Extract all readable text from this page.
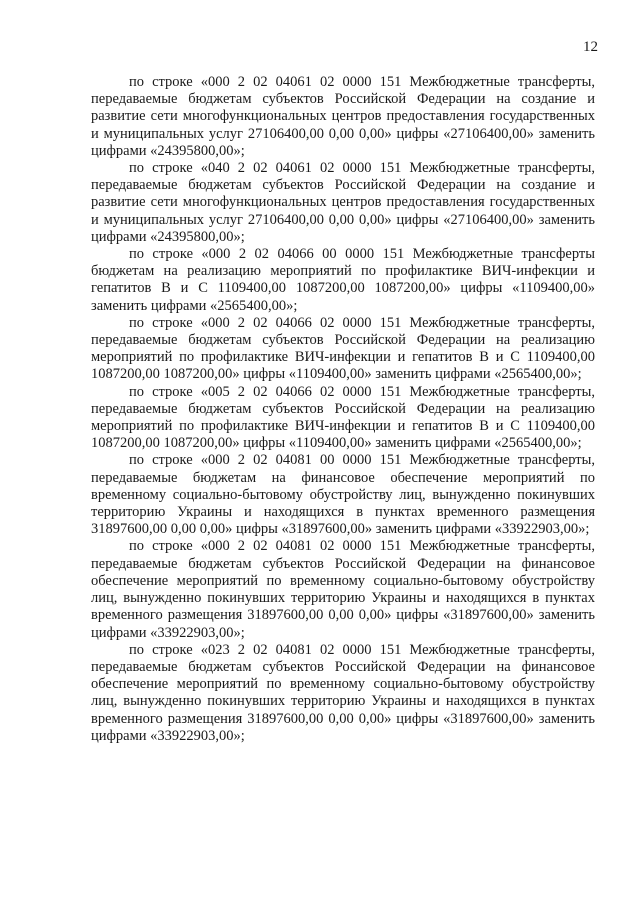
12

по строке «000 2 02 04061 02 0000 151 Межбюджетные трансферты, передаваемые бюджетам субъектов Российской Федерации на создание и развитие сети многофункциональных центров предоставления государственных и муниципальных услуг 27106400,00 0,00 0,00» цифры «27106400,00» заменить цифрами «24395800,00»;

по строке «040 2 02 04061 02 0000 151 Межбюджетные трансферты, передаваемые бюджетам субъектов Российской Федерации на создание и развитие сети многофункциональных центров предоставления государственных и муниципальных услуг 27106400,00 0,00 0,00» цифры «27106400,00» заменить цифрами «24395800,00»;

по строке «000 2 02 04066 00 0000 151 Межбюджетные трансферты бюджетам на реализацию мероприятий по профилактике ВИЧ-инфекции и гепатитов В и С 1109400,00 1087200,00 1087200,00» цифры «1109400,00» заменить цифрами «2565400,00»;

по строке «000 2 02 04066 02 0000 151 Межбюджетные трансферты, передаваемые бюджетам субъектов Российской Федерации на реализацию мероприятий по профилактике ВИЧ-инфекции и гепатитов В и С 1109400,00 1087200,00 1087200,00» цифры «1109400,00» заменить цифрами «2565400,00»;

по строке «005 2 02 04066 02 0000 151 Межбюджетные трансферты, передаваемые бюджетам субъектов Российской Федерации на реализацию мероприятий по профилактике ВИЧ-инфекции и гепатитов В и С 1109400,00 1087200,00 1087200,00» цифры «1109400,00» заменить цифрами «2565400,00»;

по строке «000 2 02 04081 00 0000 151 Межбюджетные трансферты, передаваемые бюджетам на финансовое обеспечение мероприятий по временному социально-бытовому обустройству лиц, вынужденно покинувших территорию Украины и находящихся в пунктах временного размещения 31897600,00 0,00 0,00» цифры «31897600,00» заменить цифрами «33922903,00»;

по строке «000 2 02 04081 02 0000 151 Межбюджетные трансферты, передаваемые бюджетам субъектов Российской Федерации на финансовое обеспечение мероприятий по временному социально-бытовому обустройству лиц, вынужденно покинувших территорию Украины и находящихся в пунктах временного размещения 31897600,00 0,00 0,00» цифры «31897600,00» заменить цифрами «33922903,00»;

по строке «023 2 02 04081 02 0000 151 Межбюджетные трансферты, передаваемые бюджетам субъектов Российской Федерации на финансовое обеспечение мероприятий по временному социально-бытовому обустройству лиц, вынужденно покинувших территорию Украины и находящихся в пунктах временного размещения 31897600,00 0,00 0,00» цифры «31897600,00» заменить цифрами «33922903,00»;
